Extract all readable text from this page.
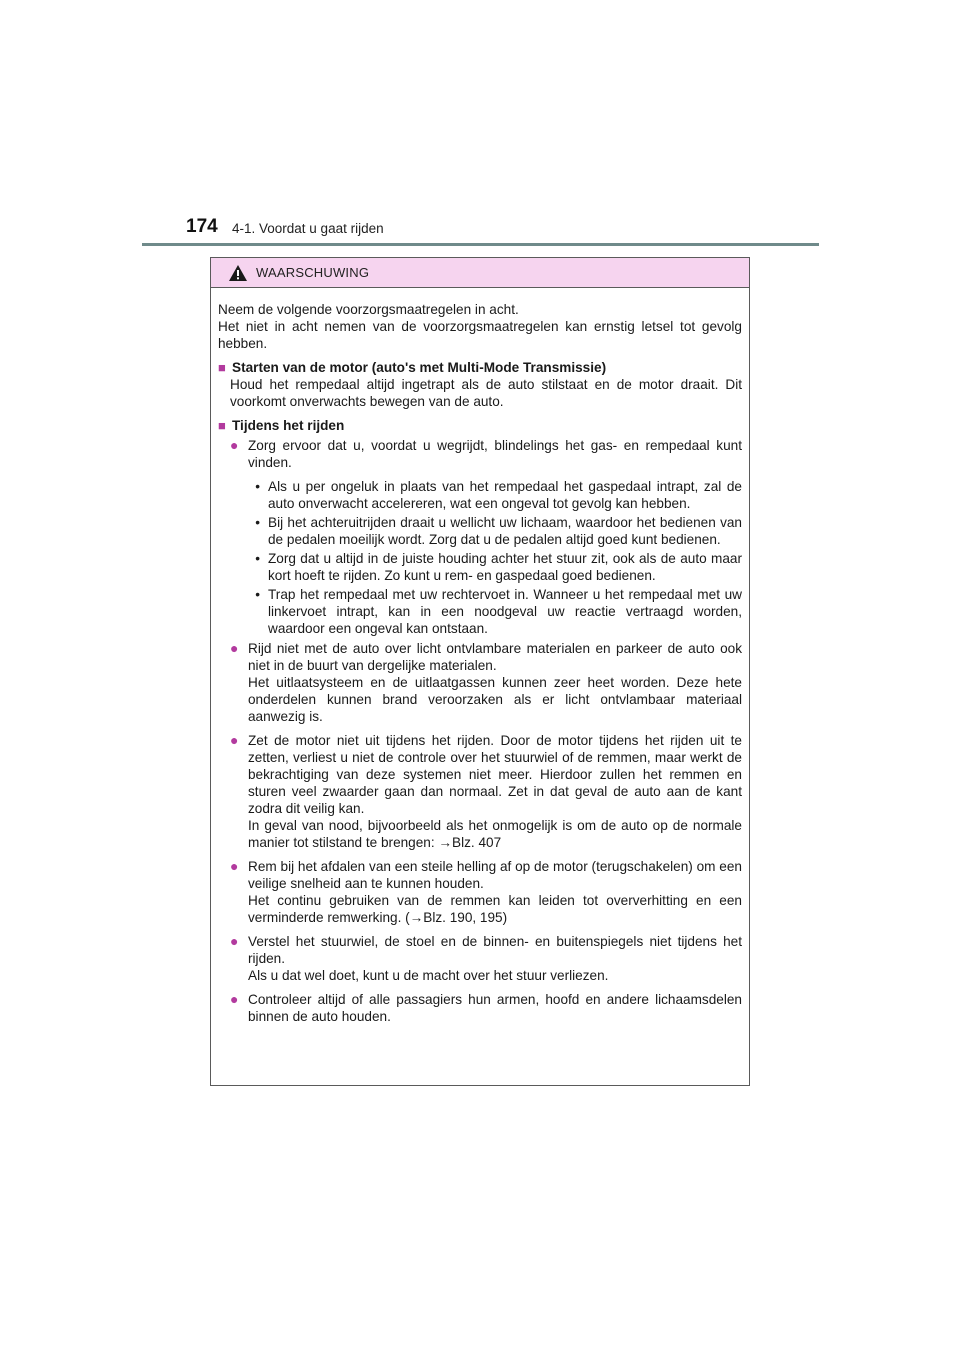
174 4-1. Voordat u gaat rijden
WAARSCHUWING

Neem de volgende voorzorgsmaatregelen in acht.

Het niet in acht nemen van de voorzorgsmaatregelen kan ernstig letsel tot gevolg hebben.

■ Starten van de motor (auto's met Multi-Mode Transmissie)

Houd het rempedaal altijd ingetrapt als de auto stilstaat en de motor draait. Dit voorkomt onverwachts bewegen van de auto.

■ Tijdens het rijden
● Zorg ervoor dat u, voordat u wegrijdt, blindelings het gas- en rempedaal kunt vinden.

• Als u per ongeluk in plaats van het rempedaal het gaspedaal intrapt, zal de auto onverwacht accelereren, wat een ongeval tot gevolg kan hebben.
• Bij het achteruitrijden draait u wellicht uw lichaam, waardoor het bedienen van de pedalen moeilijk wordt. Zorg dat u de pedalen altijd goed kunt bedienen.
• Zorg dat u altijd in de juiste houding achter het stuur zit, ook als de auto maar kort hoeft te rijden. Zo kunt u rem- en gaspedaal goed bedienen.
• Trap het rempedaal met uw rechtervoet in. Wanneer u het rempedaal met uw linkervoet intrapt, kan in een noodgeval uw reactie vertraagd worden, waardoor een ongeval kan ontstaan.
● Rijd niet met de auto over licht ontvlambare materialen en parkeer de auto ook niet in de buurt van dergelijke materialen.

Het uitlaatsysteem en de uitlaatgassen kunnen zeer heet worden. Deze hete onderdelen kunnen brand veroorzaken als er licht ontvlambaar materiaal aanwezig is.

● Zet de motor niet uit tijdens het rijden. Door de motor tijdens het rijden uit te zetten, verliest u niet de controle over het stuurwiel of de remmen, maar werkt de bekrachtiging van deze systemen niet meer. Hierdoor zullen het remmen en sturen veel zwaarder gaan dan normaal. Zet in dat geval de auto aan de kant zodra dit veilig kan.

In geval van nood, bijvoorbeeld als het onmogelijk is om de auto op de normale manier tot stilstand te brengen: →Blz. 407

● Rem bij het afdalen van een steile helling af op de motor (terugschakelen) om een veilige snelheid aan te kunnen houden.

Het continu gebruiken van de remmen kan leiden tot oververhitting en een verminderde remwerking. (→Blz. 190, 195)

● Verstel het stuurwiel, de stoel en de binnen- en buitenspiegels niet tijdens het rijden.

Als u dat wel doet, kunt u de macht over het stuur verliezen.

● Controleer altijd of alle passagiers hun armen, hoofd en andere lichaamsdelen binnen de auto houden.
